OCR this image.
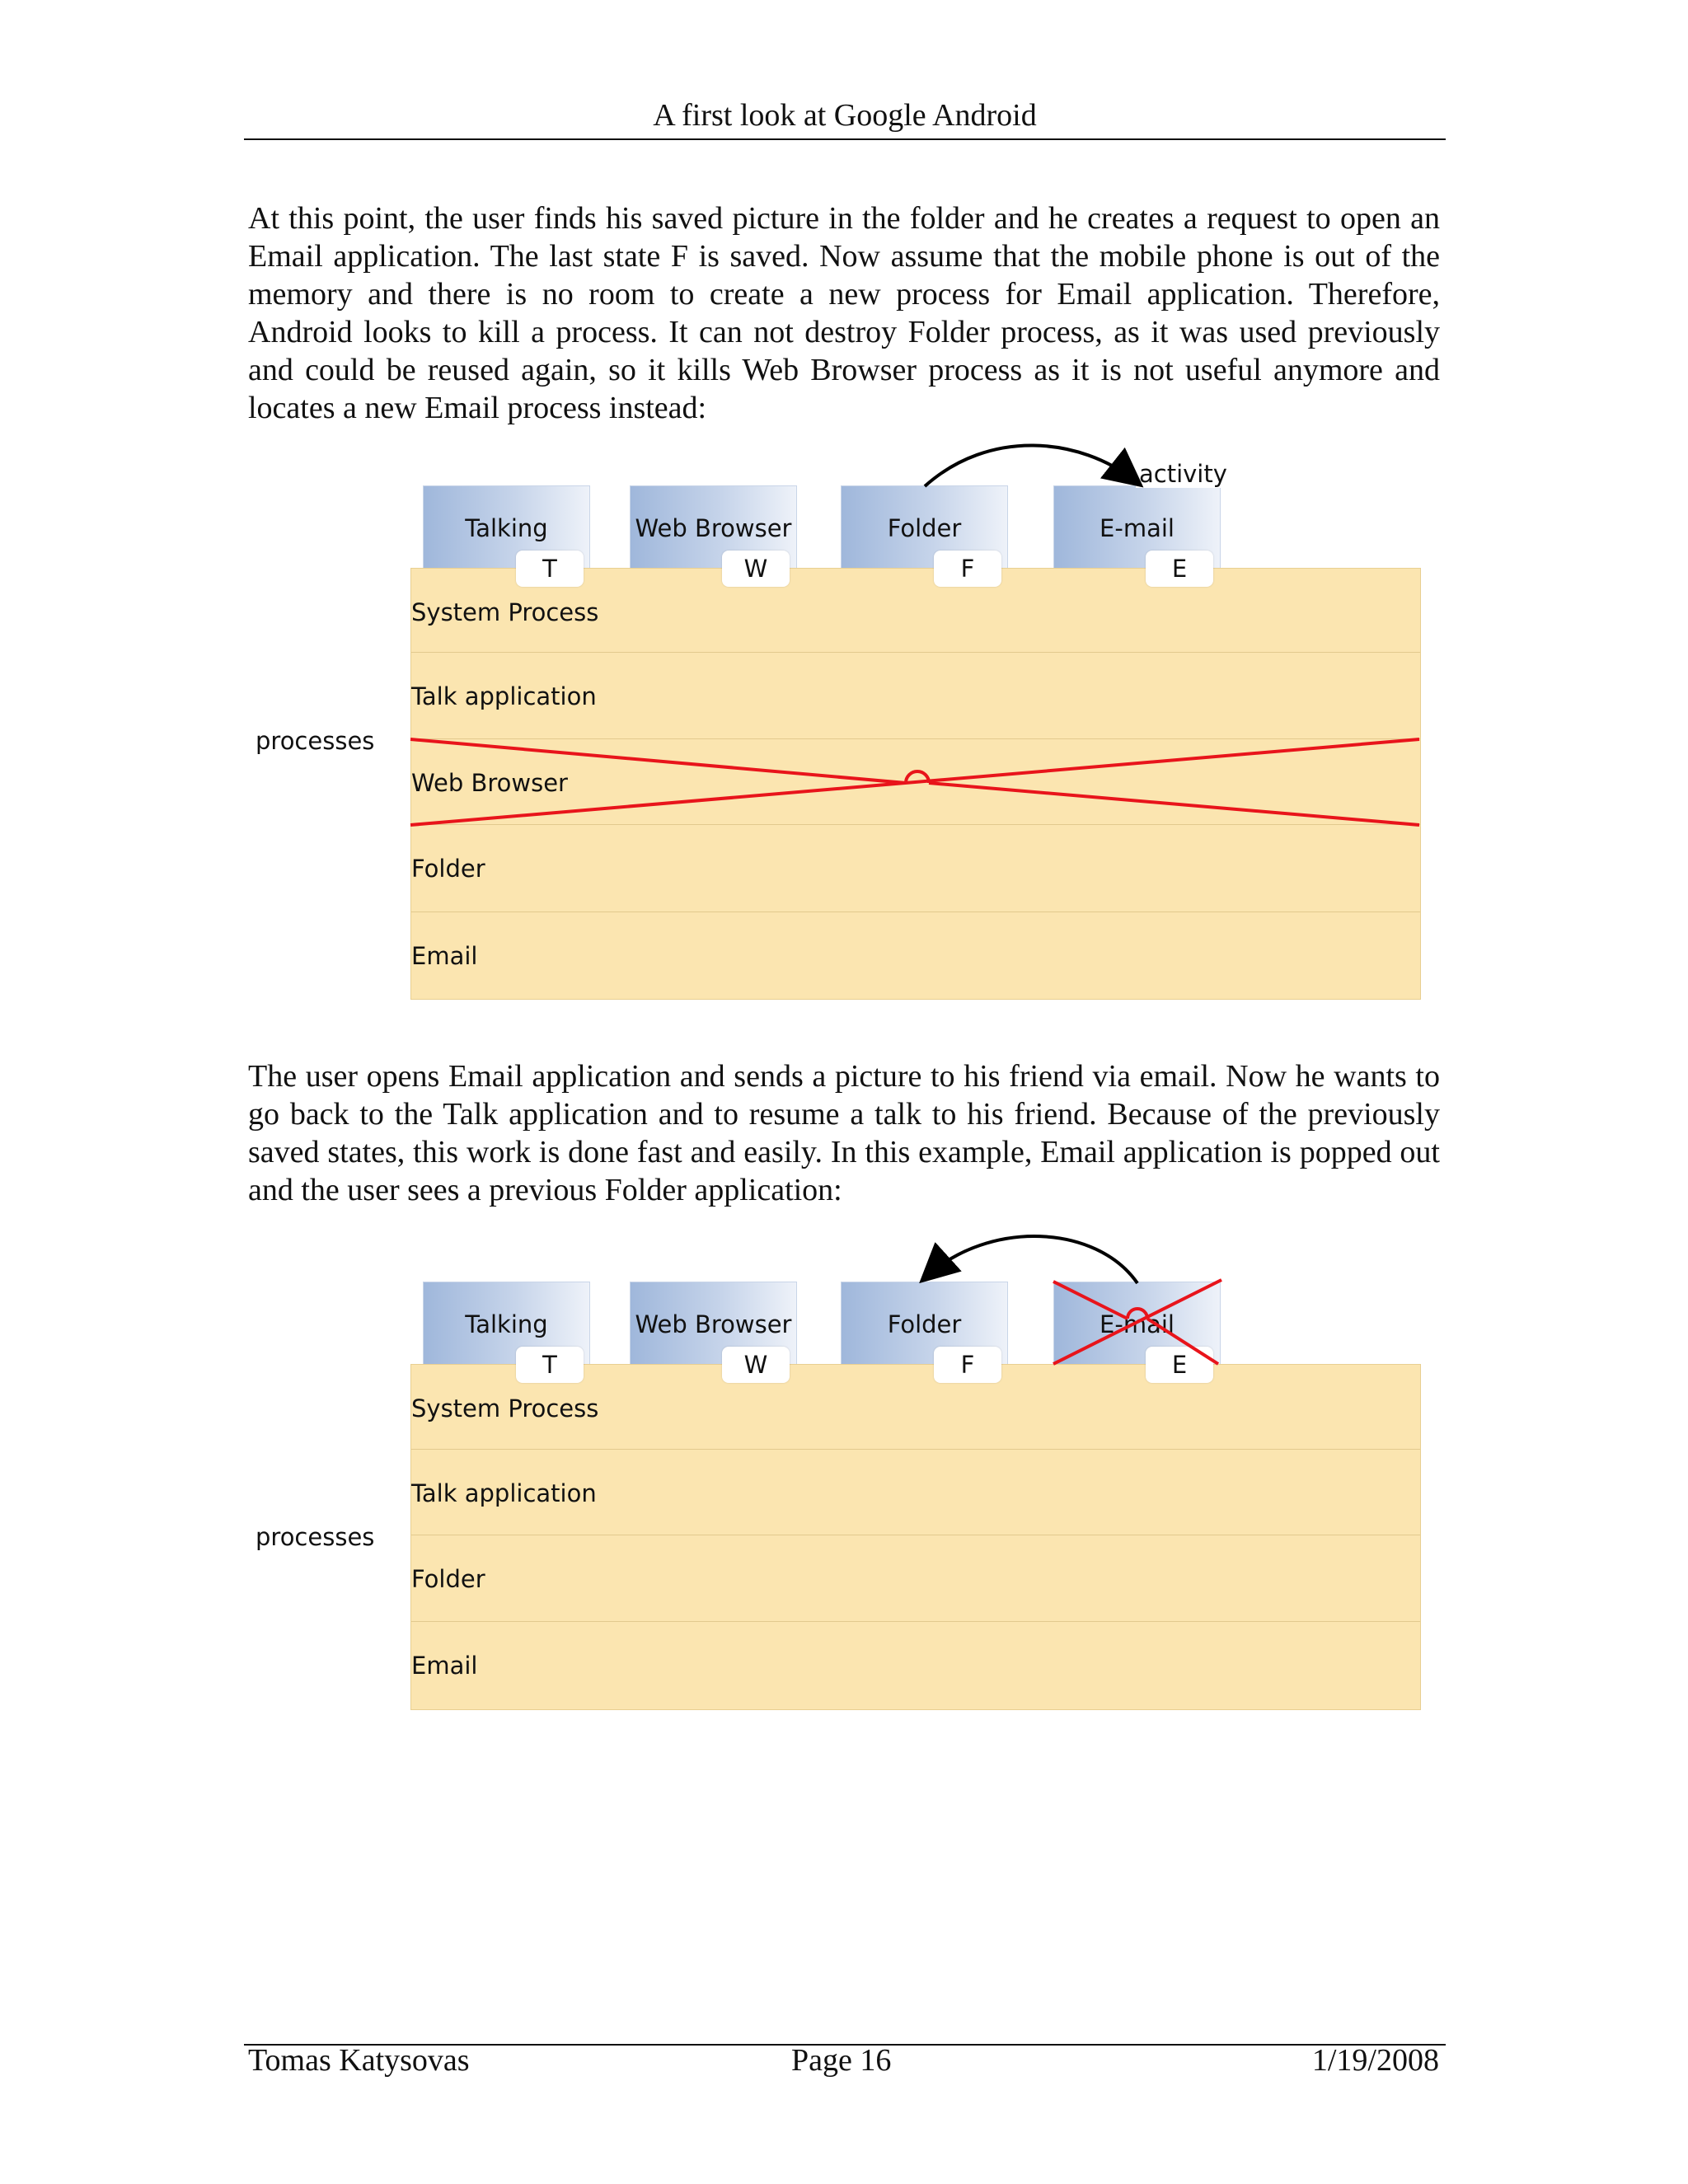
A first look at Google Android

At this point, the user finds his saved picture in the folder and he creates a request to open an Email application. The last state F is saved. Now assume that the mobile phone is out of the memory and there is no room to create a new process for Email application. Therefore, Android looks to kill a process. It can not destroy Folder process, as it was used previously and could be reused again, so it kills Web Browser process as it is not useful anymore and locates a new Email process instead:

Talking	Web Browser	Folder	E-mail
activity
System Process
Talk application
Web Browser
Folder
Email
T	W	F	E
processes

The user opens Email application and sends a picture to his friend via email. Now he wants to go back to the Talk application and to resume a talk to his friend. Because of the previously saved states, this work is done fast and easily. In this example, Email application is popped out and the user sees a previous Folder application:

Talking	Web Browser	Folder	E-mail
System Process
Talk application
Folder
Email
T	W	F	E
processes
Tomas Katysovas	Page 16	1/19/2008
